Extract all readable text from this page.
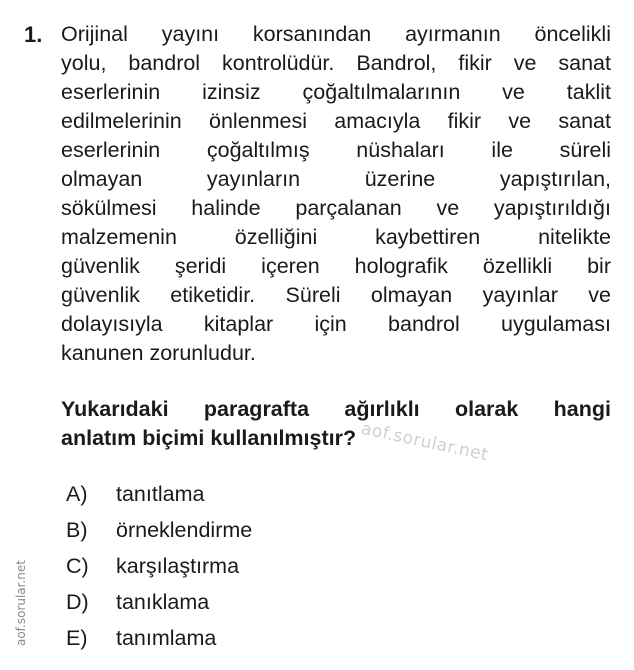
1. Orijinal yayını korsanından ayırmanın öncelikli
yolu, bandrol kontrolüdür. Bandrol, fikir ve sanat
eserlerinin izinsiz çoğaltılmalarının ve taklit
edilmelerinin önlenmesi amacıyla fikir ve sanat
eserlerinin çoğaltılmış nüshaları ile süreli
olmayan yayınların üzerine yapıştırılan,
sökülmesi halinde parçalanan ve yapıştırıldığı
malzemenin özelliğini kaybettiren nitelikte
güvenlik şeridi içeren holografik özellikli bir
güvenlik etiketidir. Süreli olmayan yayınlar ve
dolayısıyla kitaplar için bandrol uygulaması
kanunen zorunludur.

Yukarıdaki paragrafta ağırlıklı olarak hangi
anlatım biçimi kullanılmıştır? aof.sorular.net
A)	tanıtlama
B)	örneklendirme
C)	karşılaştırma
D)	tanıklama
E)	tanımlama
aof.sorular.net
